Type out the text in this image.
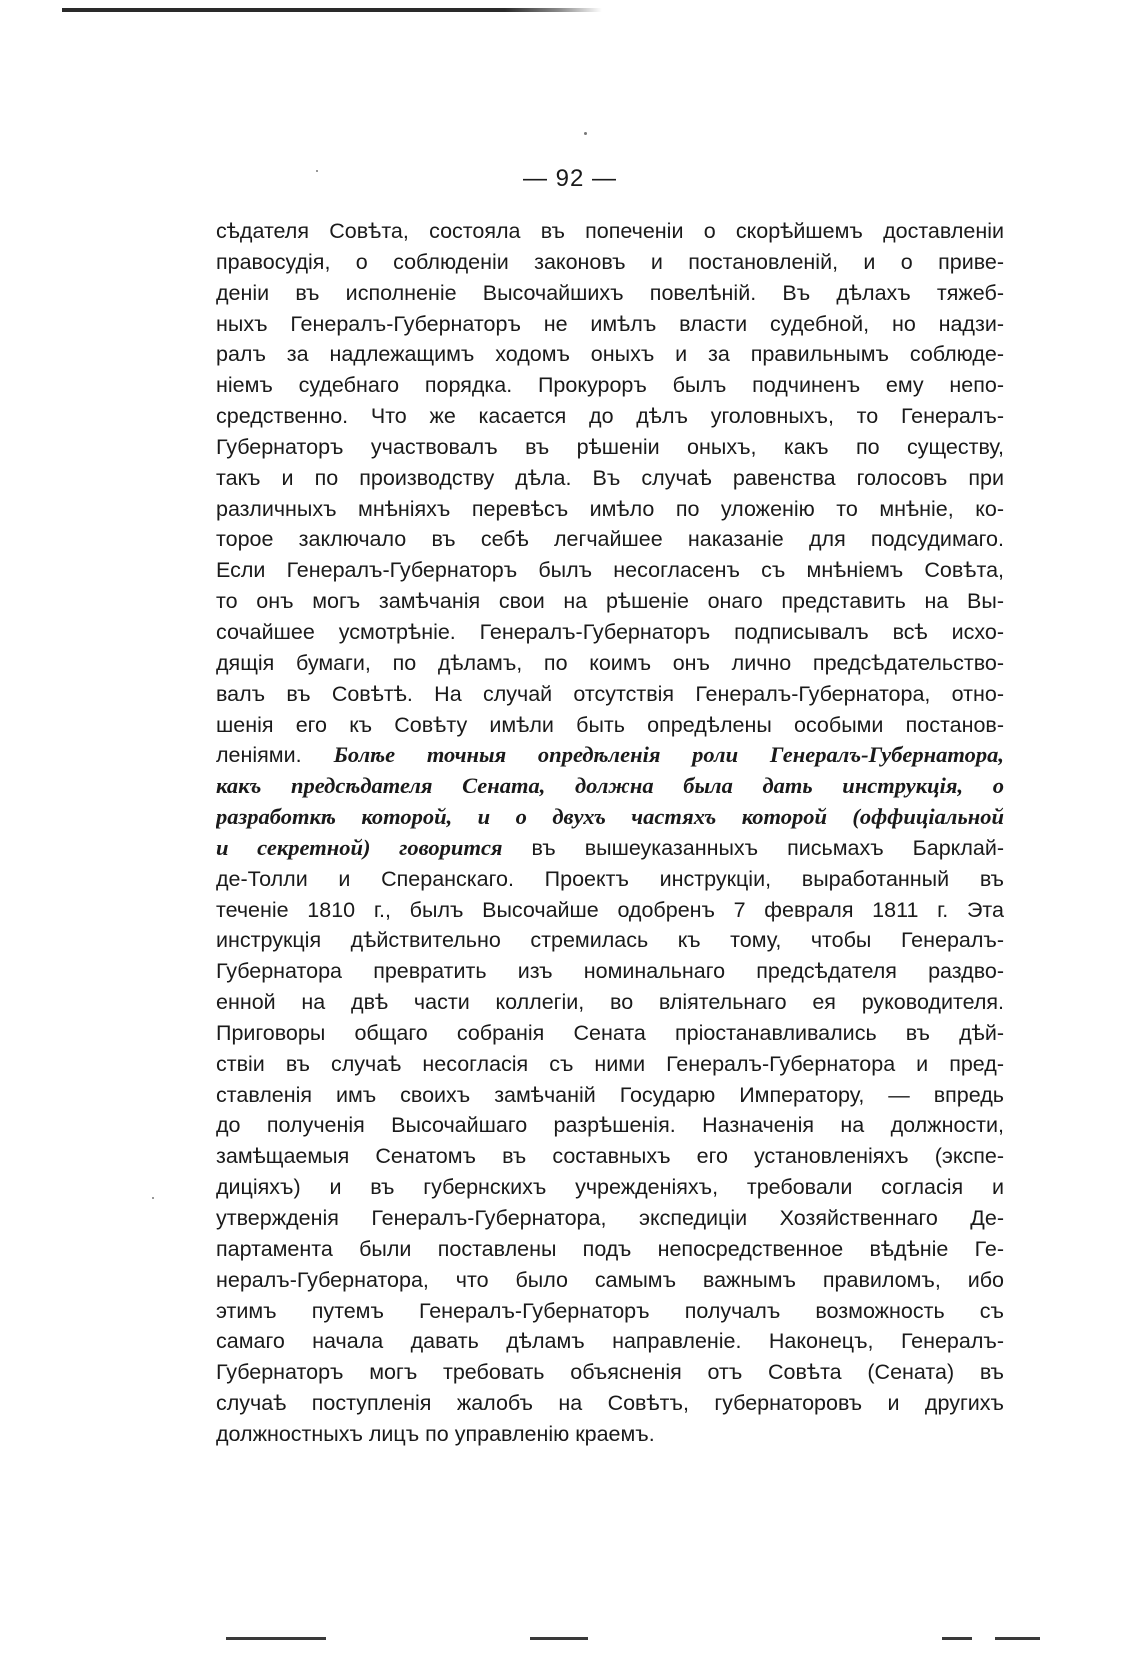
— 92 —
сѣдателя Совѣта, состояла въ попеченіи о скорѣйшемъ доставленіи
правосудія, о соблюденіи законовъ и постановленій, и о приве-
деніи въ исполненіе Высочайшихъ повелѣній. Въ дѣлахъ тяжеб-
ныхъ Генералъ-Губернаторъ не имѣлъ власти судебной, но надзи-
ралъ за надлежащимъ ходомъ оныхъ и за правильнымъ соблюде-
ніемъ судебнаго порядка. Прокуроръ былъ подчиненъ ему непо-
средственно. Что же касается до дѣлъ уголовныхъ, то Генералъ-
Губернаторъ участвовалъ въ рѣшеніи оныхъ, какъ по существу,
такъ и по производству дѣла. Въ случаѣ равенства голосовъ при
различныхъ мнѣніяхъ перевѣсъ имѣло по уложенію то мнѣніе, ко-
торое заключало въ себѣ легчайшее наказаніе для подсудимаго.
Если Генералъ-Губернаторъ былъ несогласенъ съ мнѣніемъ Совѣта,
то онъ могъ замѣчанія свои на рѣшеніе онаго представить на Вы-
сочайшее усмотрѣніе. Генералъ-Губернаторъ подписывалъ всѣ исхо-
дящія бумаги, по дѣламъ, по коимъ онъ лично предсѣдательство-
валъ въ Совѣтѣ. На случай отсутствія Генералъ-Губернатора, отно-
шенія его къ Совѣту имѣли быть опредѣлены особыми постанов-
леніями. Болѣе точныя опредѣленія роли Генералъ-Губернатора,
какъ предсѣдателя Сената, должна была дать инструкція, о
разработкѣ которой, и о двухъ частяхъ которой (оффиціальной
и секретной) говорится въ вышеуказанныхъ письмахъ Барклай-
де-Толли и Сперанскаго. Проектъ инструкціи, выработанный въ
теченіе 1810 г., былъ Высочайше одобренъ 7 февраля 1811 г. Эта
инструкція дѣйствительно стремилась къ тому, чтобы Генералъ-
Губернатора превратить изъ номинальнаго предсѣдателя раздво-
енной на двѣ части коллегіи, во вліятельнаго ея руководителя.
Приговоры общаго собранія Сената пріостанавливались въ дѣй-
ствіи въ случаѣ несогласія съ ними Генералъ-Губернатора и пред-
ставленія имъ своихъ замѣчаній Государю Императору, — впредь
до полученія Высочайшаго разрѣшенія. Назначенія на должности,
замѣщаемыя Сенатомъ въ составныхъ его установленіяхъ (экспе-
диціяхъ) и въ губернскихъ учрежденіяхъ, требовали согласія и
утвержденія Генералъ-Губернатора, экспедиціи Хозяйственнаго Де-
партамента были поставлены подъ непосредственное вѣдѣніе Ге-
нералъ-Губернатора, что было самымъ важнымъ правиломъ, ибо
этимъ путемъ Генералъ-Губернаторъ получалъ возможность съ
самаго начала давать дѣламъ направленіе. Наконецъ, Генералъ-
Губернаторъ могъ требовать объясненія отъ Совѣта (Сената) въ
случаѣ поступленія жалобъ на Совѣтъ, губернаторовъ и другихъ
должностныхъ лицъ по управленію краемъ.
